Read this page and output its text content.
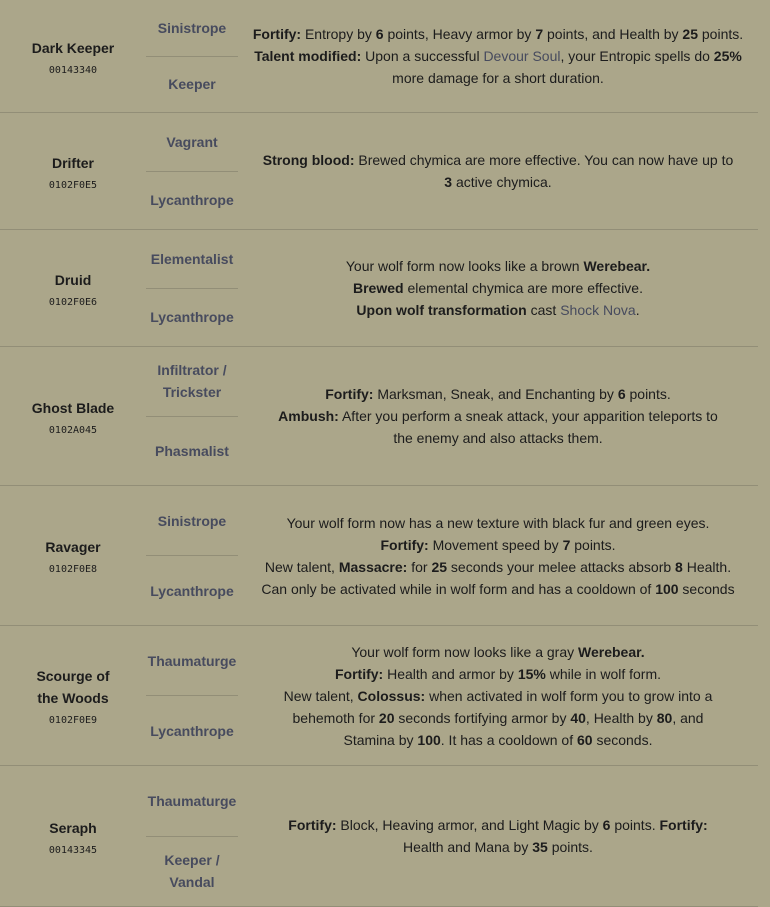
Dark Keeper
00143340
Sinistrope
Keeper

Fortify: Entropy by 6 points, Heavy armor by 7 points, and Health by 25 points.

Talent modified: Upon a successful Devour Soul, your Entropic spells do 25% more damage for a short duration.

Drifter
0102F0E5
Vagrant
Lycanthrope

Strong blood: Brewed chymica are more effective. You can now have up to 3 active chymica.

Druid
0102F0E6
Elementalist
Lycanthrope

Your wolf form now looks like a brown Werebear.

Brewed elemental chymica are more effective.

Upon wolf transformation cast Shock Nova.

Ghost Blade
0102A045
Infiltrator / Trickster
Phasmalist

Fortify: Marksman, Sneak, and Enchanting by 6 points.

Ambush: After you perform a sneak attack, your apparition teleports to the enemy and also attacks them.

Ravager
0102F0E8
Sinistrope
Lycanthrope

Your wolf form now has a new texture with black fur and green eyes.

Fortify: Movement speed by 7 points.

New talent, Massacre: for 25 seconds your melee attacks absorb 8 Health. Can only be activated while in wolf form and has a cooldown of 100 seconds

Scourge of the Woods
0102F0E9
Thaumaturge
Lycanthrope

Your wolf form now looks like a gray Werebear.

Fortify: Health and armor by 15% while in wolf form.

New talent, Colossus: when activated in wolf form you to grow into a behemoth for 20 seconds fortifying armor by 40, Health by 80, and Stamina by 100. It has a cooldown of 60 seconds.

Seraph
00143345
Thaumaturge
Keeper / Vandal

Fortify: Block, Heaving armor, and Light Magic by 6 points. Fortify: Health and Mana by 35 points.
